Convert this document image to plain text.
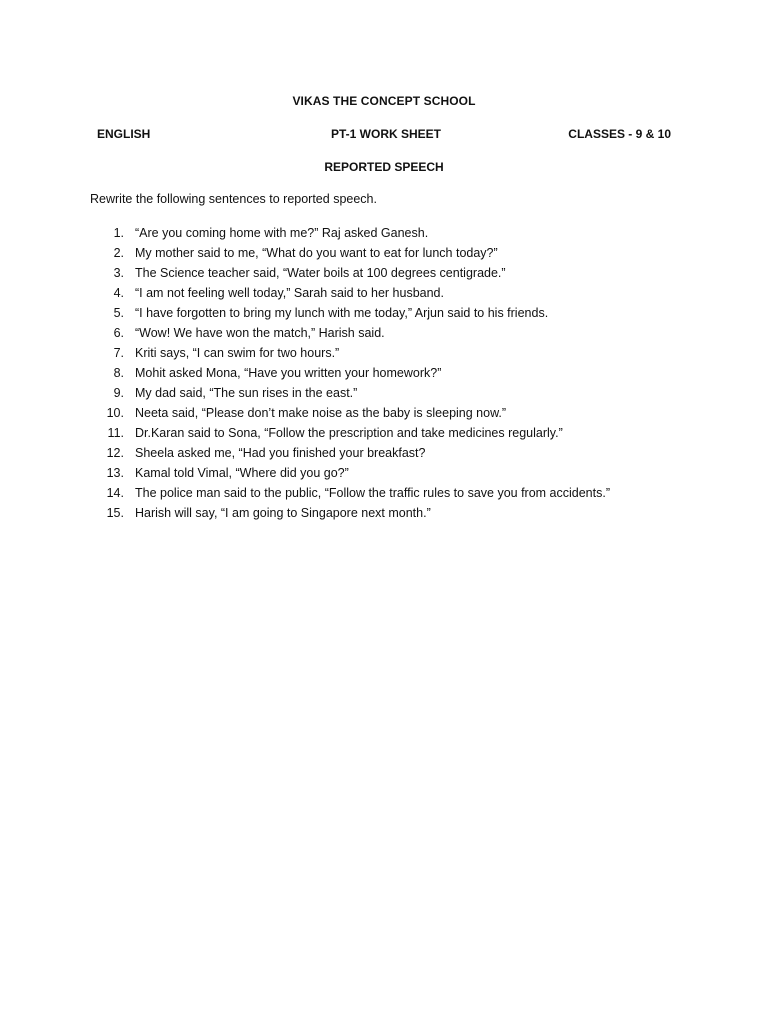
VIKAS THE CONCEPT SCHOOL
PT-1 WORK SHEET
ENGLISH	CLASSES - 9 & 10
REPORTED SPEECH
Rewrite the following sentences to reported speech.
1. “Are you coming home with me?” Raj asked Ganesh.
2. My mother said to me, “What do you want to eat for lunch today?”
3. The Science teacher said, “Water boils at 100 degrees centigrade.”
4. “I am not feeling well today,” Sarah said to her husband.
5. “I have forgotten to bring my lunch with me today,” Arjun said to his friends.
6. “Wow! We have won the match,” Harish said.
7. Kriti says, “I can swim for two hours.”
8. Mohit asked Mona, “Have you written your homework?”
9. My dad said, “The sun rises in the east.”
10. Neeta said, “Please don’t make noise as the baby is sleeping now.”
11. Dr.Karan said to Sona, “Follow the prescription and take medicines regularly.”
12. Sheela asked me, “Had you finished your breakfast?
13. Kamal told Vimal, “Where did you go?”
14. The police man said to the public, “Follow the traffic rules to save you from accidents.”
15. Harish will say, “I am going to Singapore next month.”
